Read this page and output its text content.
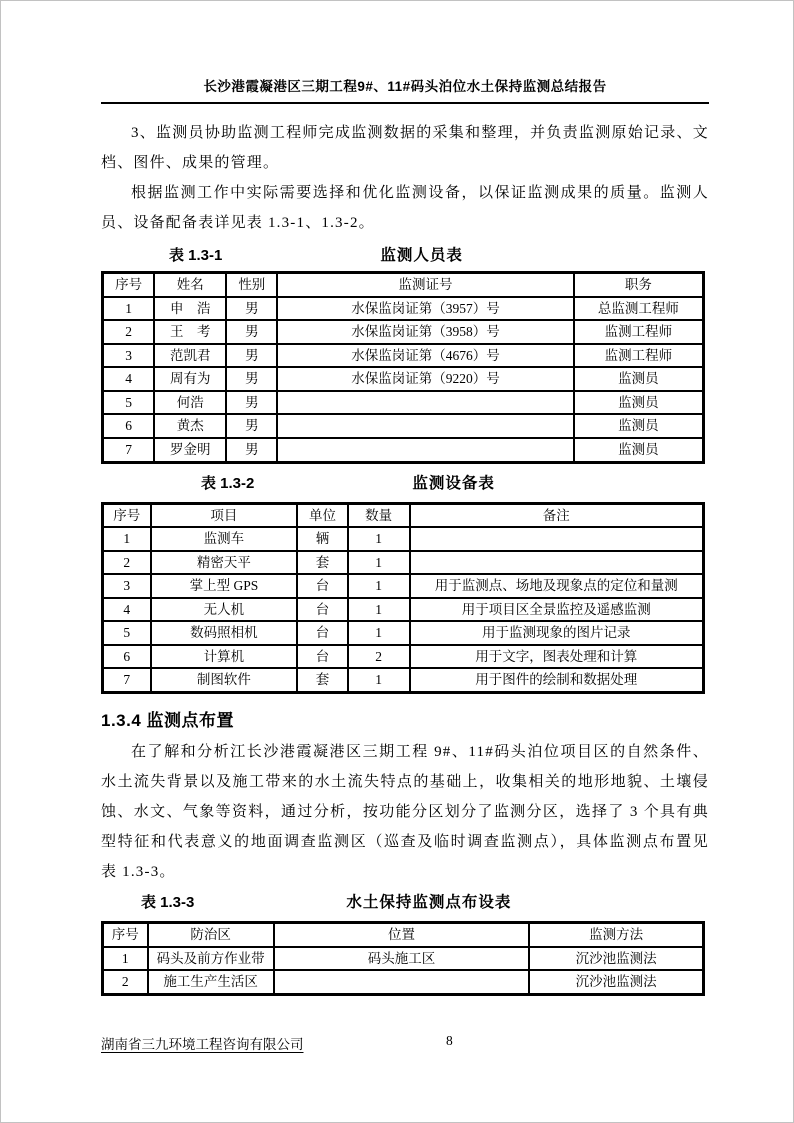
长沙港霞凝港区三期工程9#、11#码头泊位水土保持监测总结报告

3、监测员协助监测工程师完成监测数据的采集和整理，并负责监测原始记录、文档、图件、成果的管理。

根据监测工作中实际需要选择和优化监测设备，以保证监测成果的质量。监测人员、设备配备表详见表 1.3-1、1.3-2。

表 1.3-1	监测人员表
序号	姓名	性别	监测证号	职务
1	申　浩	男	水保监岗证第（3957）号	总监测工程师
2	王　考	男	水保监岗证第（3958）号	监测工程师
3	范凯君	男	水保监岗证第（4676）号	监测工程师
4	周有为	男	水保监岗证第（9220）号	监测员
5	何浩	男		监测员
6	黄杰	男		监测员
7	罗金明	男		监测员
表 1.3-2	监测设备表
序号	项目	单位	数量	备注
1	监测车	辆	1	
2	精密天平	套	1	
3	掌上型 GPS	台	1	用于监测点、场地及现象点的定位和量测
4	无人机	台	1	用于项目区全景监控及遥感监测
5	数码照相机	台	1	用于监测现象的图片记录
6	计算机	台	2	用于文字，图表处理和计算
7	制图软件	套	1	用于图件的绘制和数据处理
1.3.4 监测点布置

在了解和分析江长沙港霞凝港区三期工程 9#、11#码头泊位项目区的自然条件、水土流失背景以及施工带来的水土流失特点的基础上，收集相关的地形地貌、土壤侵蚀、水文、气象等资料，通过分析，按功能分区划分了监测分区，选择了 3 个具有典型特征和代表意义的地面调查监测区（巡查及临时调查监测点），具体监测点布置见表 1.3-3。

表 1.3-3	水土保持监测点布设表
序号	防治区	位置	监测方法
1	码头及前方作业带	码头施工区	沉沙池监测法
2	施工生产生活区		沉沙池监测法
湖南省三九环境工程咨询有限公司	8
